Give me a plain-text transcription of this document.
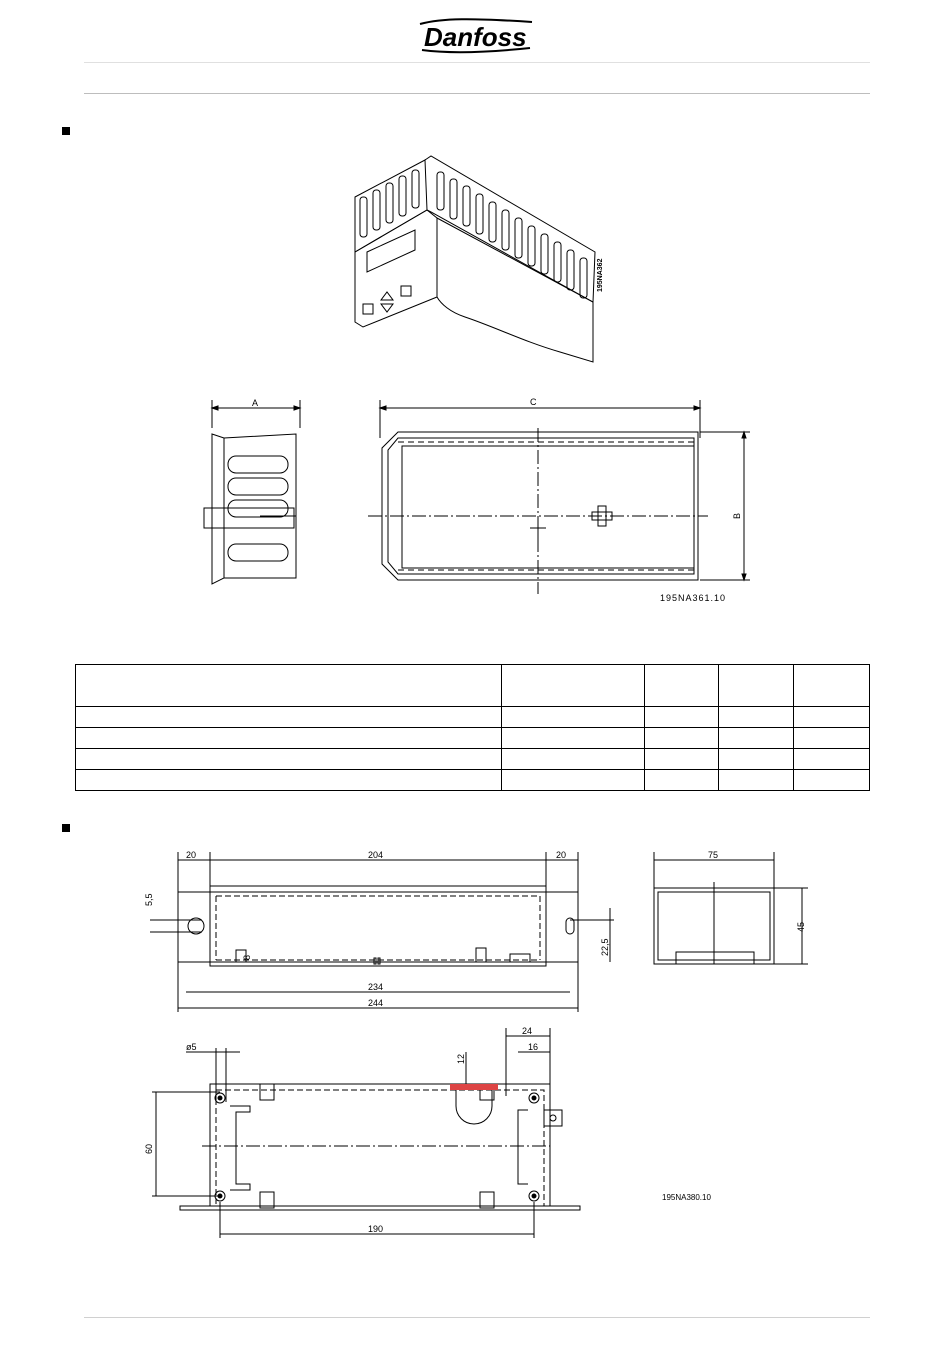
Danfoss
195NA362
A	C
B
195NA361.10

20	204	20
5,5
8
22,5
234
244
75
45
24
16
12
ø5
60
190
195NA380.10
